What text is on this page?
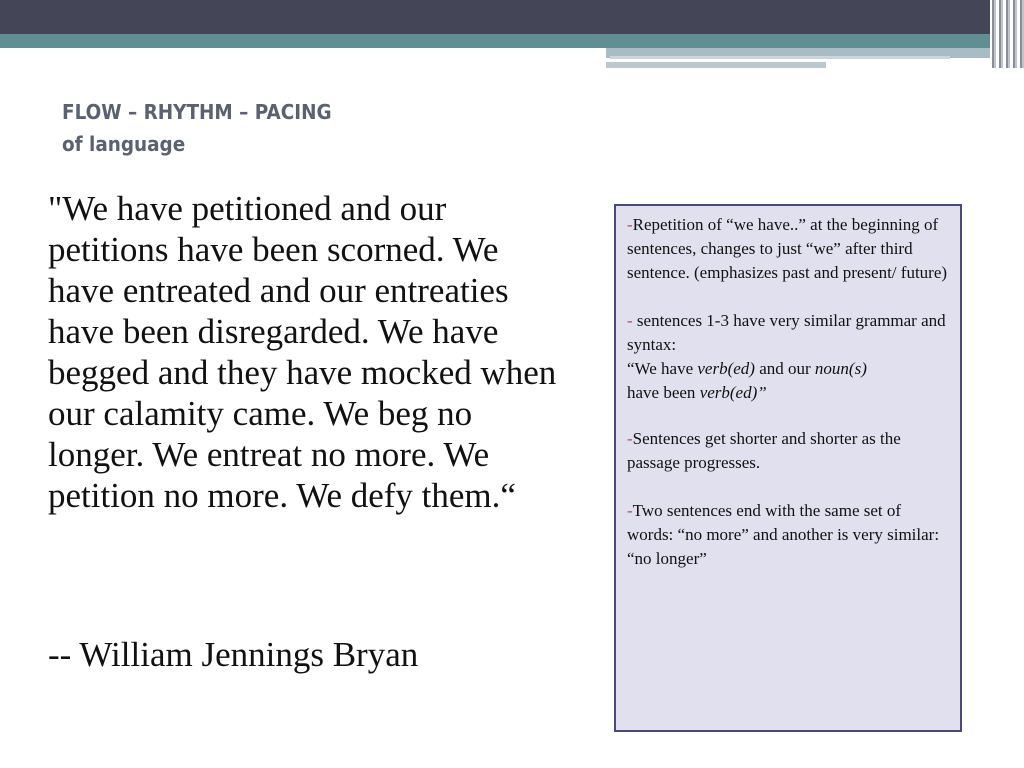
FLOW – RHYTHM – PACING
of language
"We have petitioned and our petitions have been scorned. We have entreated and our entreaties have been disregarded. We have begged and they have mocked when our calamity came. We beg no longer. We entreat no more. We petition no more. We defy them.“
-- William Jennings Bryan

-Repetition of “we have..” at the beginning of sentences, changes to just “we” after third sentence. (emphasizes past and present/ future)

- sentences 1-3 have very similar grammar and syntax:
“We have verb(ed) and our noun(s)
have been verb(ed)”

-Sentences get shorter and shorter as the passage progresses.

-Two sentences end with the same set of words: “no more” and another is very similar: “no longer”
